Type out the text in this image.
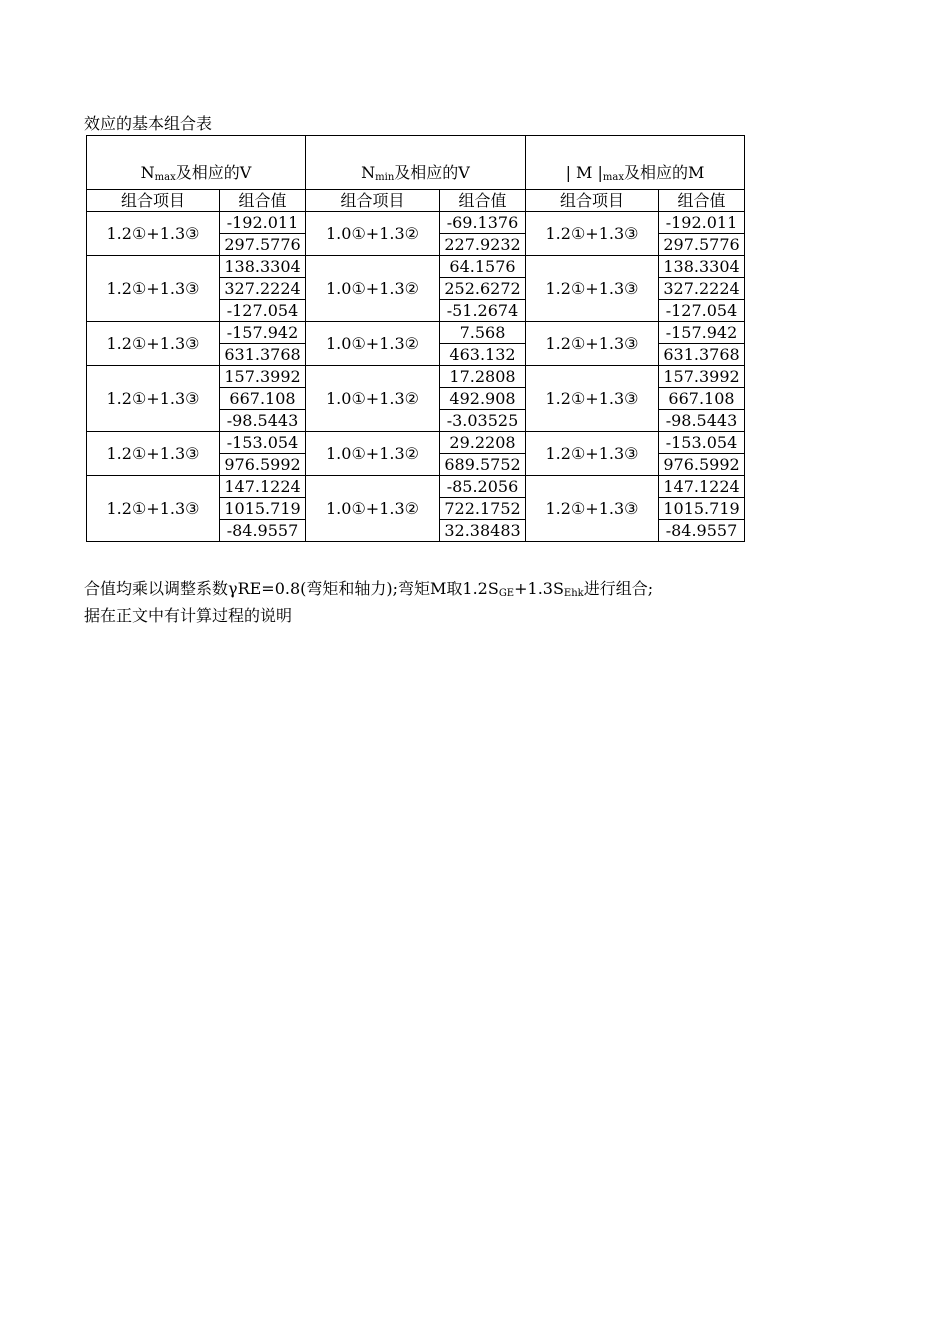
效应的基本组合表
$N_{max}$及相应的V		$N_{min}$及相应的V		| M $|_{max}$及相应的M	
组合项目	组合值	组合项目	组合值	组合项目	组合值
1.2①+1.3③	-192.011	1.0①+1.3②	-69.1376	1.2①+1.3③	-192.011
	297.5776		227.9232		297.5776
1.2①+1.3③	138.3304	1.0①+1.3②	64.1576	1.2①+1.3③	138.3304
	327.2224		252.6272		327.2224
	-127.054		-51.2674		-127.054
1.2①+1.3③	-157.942	1.0①+1.3②	7.568	1.2①+1.3③	-157.942
	631.3768		463.132		631.3768
1.2①+1.3③	157.3992	1.0①+1.3②	17.2808	1.2①+1.3③	157.3992
	667.108		492.908		667.108
	-98.5443		-3.03525		-98.5443
1.2①+1.3③	-153.054	1.0①+1.3②	29.2208	1.2①+1.3③	-153.054
	976.5992		689.5752		976.5992
1.2①+1.3③	147.1224	1.0①+1.3②	-85.2056	1.2①+1.3③	147.1224
	1015.719		722.1752		1015.719
	-84.9557		32.38483		-84.9557
合值均乘以调整系数γRE=0.8(弯矩和轴力);弯矩M取$1.2S_{GE}+1.3S_{Ehk}$进行组合;
据在正文中有计算过程的说明
